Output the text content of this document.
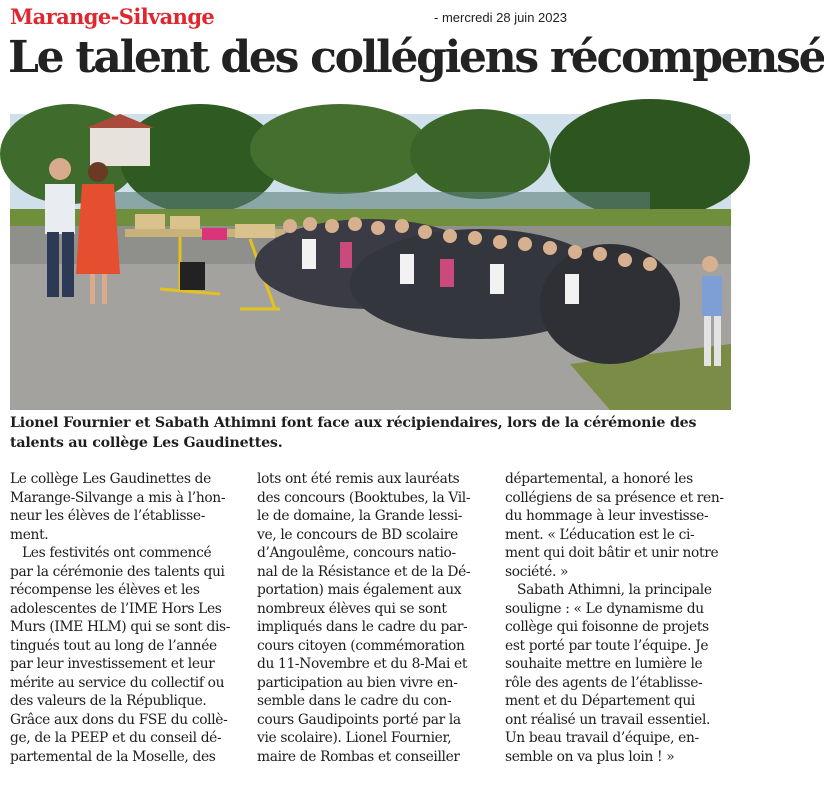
Marange-Silvange	- mercredi 28 juin 2023
Le talent des collégiens récompensé
Lionel Fournier et Sabath Athimni font face aux récipiendaires, lors de la cérémonie des
talents au collège Les Gaudinettes.
Le collège Les Gaudinettes de
Marange-Silvange a mis à l’hon-
neur les élèves de l’établisse-
ment.
Les festivités ont commencé
par la cérémonie des talents qui
récompense les élèves et les
adolescentes de l’IME Hors Les
Murs (IME HLM) qui se sont dis-
tingués tout au long de l’année
par leur investissement et leur
mérite au service du collectif ou
des valeurs de la République.
Grâce aux dons du FSE du collè-
ge, de la PEEP et du conseil dé-
partemental de la Moselle, des
lots ont été remis aux lauréats
des concours (Booktubes, la Vil-
le de domaine, la Grande lessi-
ve, le concours de BD scolaire
d’Angoulême, concours natio-
nal de la Résistance et de la Dé-
portation) mais également aux
nombreux élèves qui se sont
impliqués dans le cadre du par-
cours citoyen (commémoration
du 11-Novembre et du 8-Mai et
participation au bien vivre en-
semble dans le cadre du con-
cours Gaudipoints porté par la
vie scolaire). Lionel Fournier,
maire de Rombas et conseiller
départemental, a honoré les
collégiens de sa présence et ren-
du hommage à leur investisse-
ment. « L’éducation est le ci-
ment qui doit bâtir et unir notre
société. »
Sabath Athimni, la principale
souligne : « Le dynamisme du
collège qui foisonne de projets
est porté par toute l’équipe. Je
souhaite mettre en lumière le
rôle des agents de l’établisse-
ment et du Département qui
ont réalisé un travail essentiel.
Un beau travail d’équipe, en-
semble on va plus loin ! »
